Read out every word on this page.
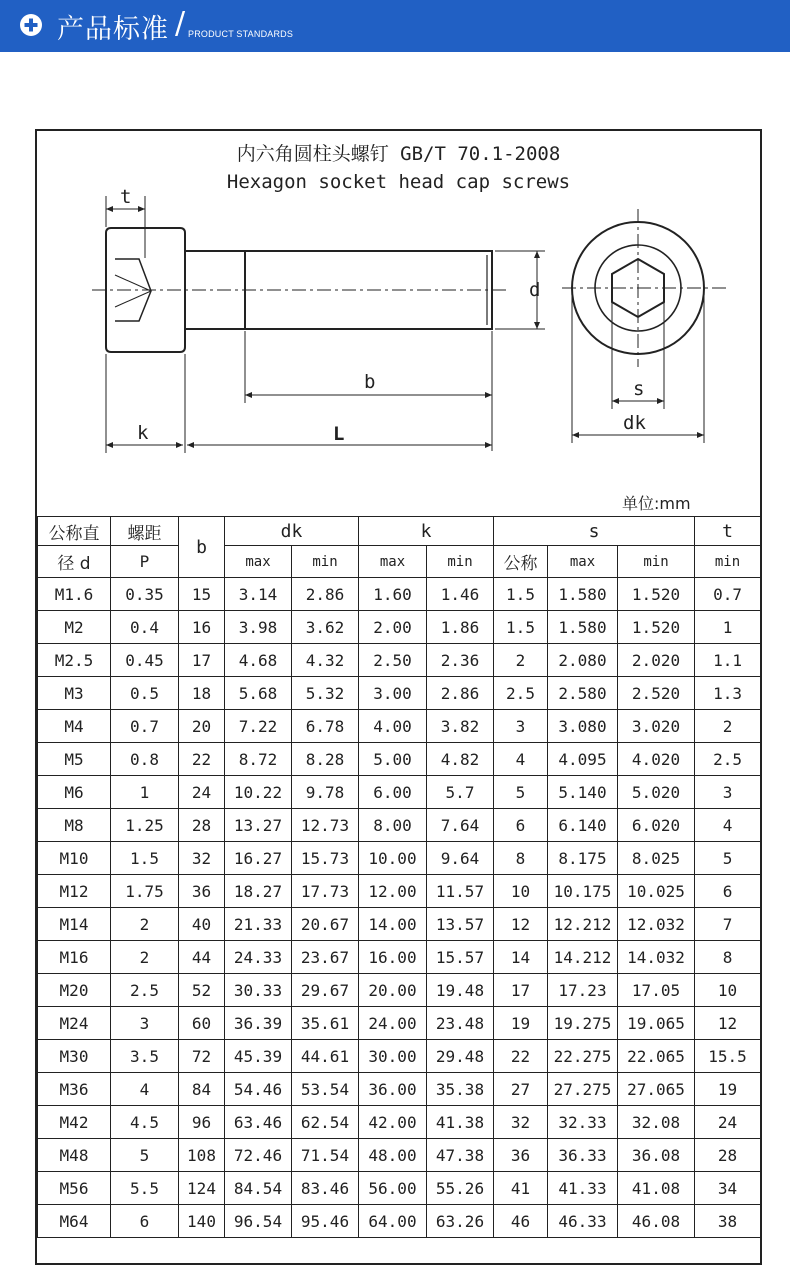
产品标准 / PRODUCT STANDARDS
内六角圆柱头螺钉 GB/T 70.1-2008
Hexagon socket head cap screws
t
d
b
k	L
s
dk
单位:mm
公称直	螺距	b	dk		k		s			t
径 d	P		max	min	max	min	公称	max	min	min
M1.6	0.35	15	3.14	2.86	1.60	1.46	1.5	1.580	1.520	0.7
M2	0.4	16	3.98	3.62	2.00	1.86	1.5	1.580	1.520	1
M2.5	0.45	17	4.68	4.32	2.50	2.36	2	2.080	2.020	1.1
M3	0.5	18	5.68	5.32	3.00	2.86	2.5	2.580	2.520	1.3
M4	0.7	20	7.22	6.78	4.00	3.82	3	3.080	3.020	2
M5	0.8	22	8.72	8.28	5.00	4.82	4	4.095	4.020	2.5
M6	1	24	10.22	9.78	6.00	5.7	5	5.140	5.020	3
M8	1.25	28	13.27	12.73	8.00	7.64	6	6.140	6.020	4
M10	1.5	32	16.27	15.73	10.00	9.64	8	8.175	8.025	5
M12	1.75	36	18.27	17.73	12.00	11.57	10	10.175	10.025	6
M14	2	40	21.33	20.67	14.00	13.57	12	12.212	12.032	7
M16	2	44	24.33	23.67	16.00	15.57	14	14.212	14.032	8
M20	2.5	52	30.33	29.67	20.00	19.48	17	17.23	17.05	10
M24	3	60	36.39	35.61	24.00	23.48	19	19.275	19.065	12
M30	3.5	72	45.39	44.61	30.00	29.48	22	22.275	22.065	15.5
M36	4	84	54.46	53.54	36.00	35.38	27	27.275	27.065	19
M42	4.5	96	63.46	62.54	42.00	41.38	32	32.33	32.08	24
M48	5	108	72.46	71.54	48.00	47.38	36	36.33	36.08	28
M56	5.5	124	84.54	83.46	56.00	55.26	41	41.33	41.08	34
M64	6	140	96.54	95.46	64.00	63.26	46	46.33	46.08	38
